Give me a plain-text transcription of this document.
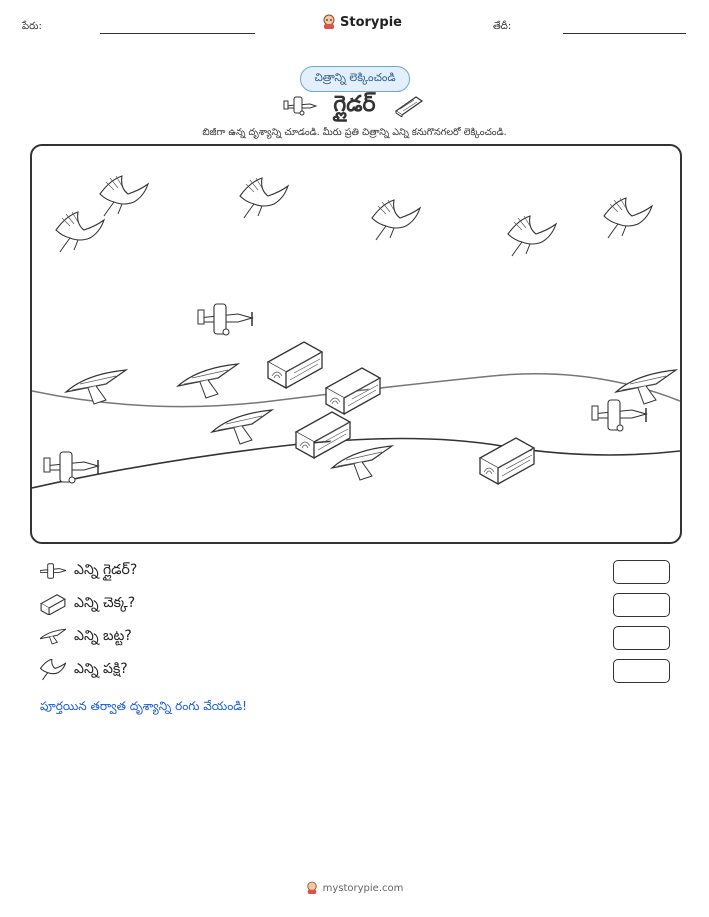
పేరు:	Storypie	తేదీ:
చిత్రాన్ని లెక్కించండి
గ్లైడర్
బిజీగా ఉన్న దృశ్యాన్ని చూడండి. మీరు ప్రతి చిత్రాన్ని ఎన్ని కనుగొనగలరో లెక్కించండి.
ఎన్ని గ్లైడర్?
ఎన్ని చెక్క?
ఎన్ని బట్ట?
ఎన్ని పక్షి?
పూర్తయిన తర్వాత దృశ్యాన్ని రంగు వేయండి!
mystorypie.com
